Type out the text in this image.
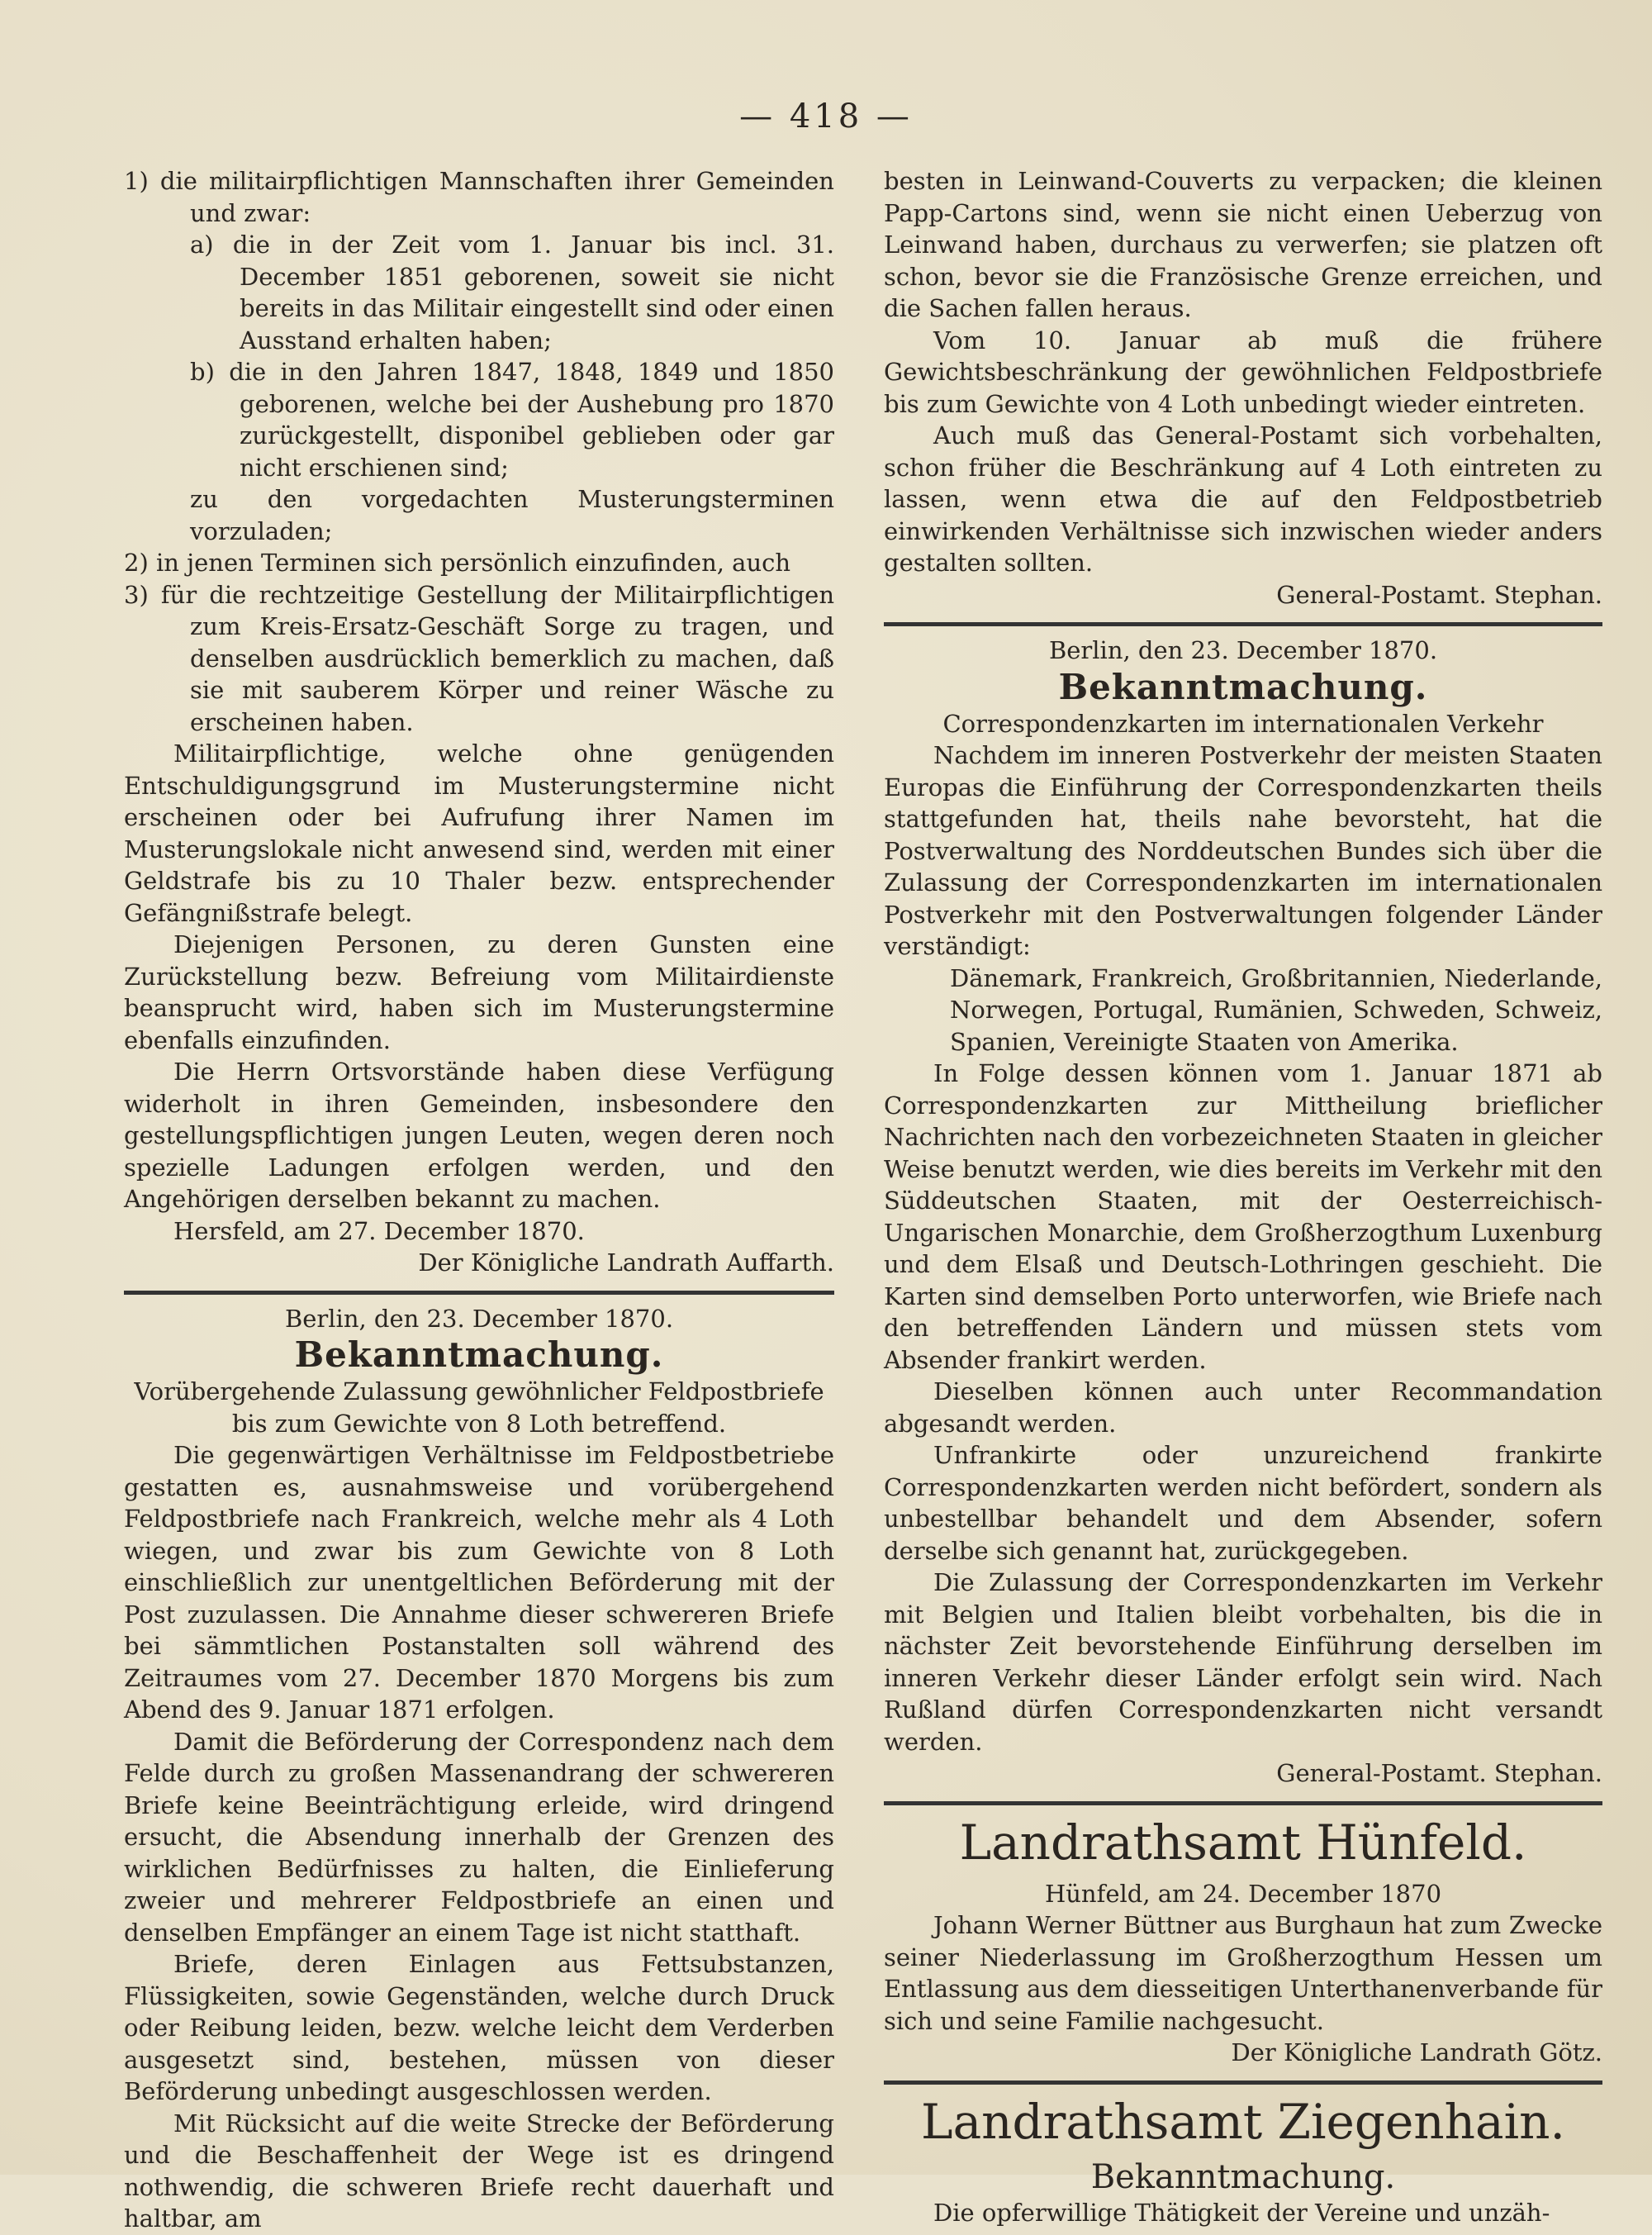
— 418 —

1) die militairpflichtigen Mannschaften ihrer Gemeinden und zwar:

a) die in der Zeit vom 1. Januar bis incl. 31. December 1851 geborenen, soweit sie nicht bereits in das Militair eingestellt sind oder einen Ausstand erhalten haben;

b) die in den Jahren 1847, 1848, 1849 und 1850 geborenen, welche bei der Aushebung pro 1870 zurückgestellt, disponibel geblieben oder gar nicht erschienen sind;

zu den vorgedachten Musterungsterminen vorzuladen;

2) in jenen Terminen sich persönlich einzufinden, auch

3) für die rechtzeitige Gestellung der Militairpflichtigen zum Kreis-Ersatz-Geschäft Sorge zu tragen, und denselben ausdrücklich bemerklich zu machen, daß sie mit sauberem Körper und reiner Wäsche zu erscheinen haben.

Militairpflichtige, welche ohne genügenden Entschuldigungsgrund im Musterungstermine nicht erscheinen oder bei Aufrufung ihrer Namen im Musterungslokale nicht anwesend sind, werden mit einer Geldstrafe bis zu 10 Thaler bezw. entsprechender Gefängnißstrafe belegt.

Diejenigen Personen, zu deren Gunsten eine Zurückstellung bezw. Befreiung vom Militairdienste beansprucht wird, haben sich im Musterungstermine ebenfalls einzufinden.

Die Herrn Ortsvorstände haben diese Verfügung widerholt in ihren Gemeinden, insbesondere den gestellungspflichtigen jungen Leuten, wegen deren noch spezielle Ladungen erfolgen werden, und den Angehörigen derselben bekannt zu machen.

Hersfeld, am 27. December 1870.

Der Königliche Landrath Auffarth.

Berlin, den 23. December 1870.

Bekanntmachung.

Vorübergehende Zulassung gewöhnlicher Feldpostbriefe bis zum Gewichte von 8 Loth betreffend.

Die gegenwärtigen Verhältnisse im Feldpostbetriebe gestatten es, ausnahmsweise und vorübergehend Feldpostbriefe nach Frankreich, welche mehr als 4 Loth wiegen, und zwar bis zum Gewichte von 8 Loth einschließlich zur unentgeltlichen Beförderung mit der Post zuzulassen. Die Annahme dieser schwereren Briefe bei sämmtlichen Postanstalten soll während des Zeitraumes vom 27. December 1870 Morgens bis zum Abend des 9. Januar 1871 erfolgen.

Damit die Beförderung der Correspondenz nach dem Felde durch zu großen Massenandrang der schwereren Briefe keine Beeinträchtigung erleide, wird dringend ersucht, die Absendung innerhalb der Grenzen des wirklichen Bedürfnisses zu halten, die Einlieferung zweier und mehrerer Feldpostbriefe an einen und denselben Empfänger an einem Tage ist nicht statthaft.

Briefe, deren Einlagen aus Fettsubstanzen, Flüssigkeiten, sowie Gegenständen, welche durch Druck oder Reibung leiden, bezw. welche leicht dem Verderben ausgesetzt sind, bestehen, müssen von dieser Beförderung unbedingt ausgeschlossen werden.

Mit Rücksicht auf die weite Strecke der Beförderung und die Beschaffenheit der Wege ist es dringend nothwendig, die schweren Briefe recht dauerhaft und haltbar, am

besten in Leinwand-Couverts zu verpacken; die kleinen Papp-Cartons sind, wenn sie nicht einen Ueberzug von Leinwand haben, durchaus zu verwerfen; sie platzen oft schon, bevor sie die Französische Grenze erreichen, und die Sachen fallen heraus.

Vom 10. Januar ab muß die frühere Gewichtsbeschränkung der gewöhnlichen Feldpostbriefe bis zum Gewichte von 4 Loth unbedingt wieder eintreten.

Auch muß das General-Postamt sich vorbehalten, schon früher die Beschränkung auf 4 Loth eintreten zu lassen, wenn etwa die auf den Feldpostbetrieb einwirkenden Verhältnisse sich inzwischen wieder anders gestalten sollten.

General-Postamt. Stephan.

Berlin, den 23. December 1870.

Bekanntmachung.

Correspondenzkarten im internationalen Verkehr

Nachdem im inneren Postverkehr der meisten Staaten Europas die Einführung der Correspondenzkarten theils stattgefunden hat, theils nahe bevorsteht, hat die Postverwaltung des Norddeutschen Bundes sich über die Zulassung der Correspondenzkarten im internationalen Postverkehr mit den Postverwaltungen folgender Länder verständigt:

Dänemark, Frankreich, Großbritannien, Niederlande, Norwegen, Portugal, Rumänien, Schweden, Schweiz, Spanien, Vereinigte Staaten von Amerika.

In Folge dessen können vom 1. Januar 1871 ab Correspondenzkarten zur Mittheilung brieflicher Nachrichten nach den vorbezeichneten Staaten in gleicher Weise benutzt werden, wie dies bereits im Verkehr mit den Süddeutschen Staaten, mit der Oesterreichisch-Ungarischen Monarchie, dem Großherzogthum Luxenburg und dem Elsaß und Deutsch-Lothringen geschieht. Die Karten sind demselben Porto unterworfen, wie Briefe nach den betreffenden Ländern und müssen stets vom Absender frankirt werden.

Dieselben können auch unter Recommandation abgesandt werden.

Unfrankirte oder unzureichend frankirte Correspondenzkarten werden nicht befördert, sondern als unbestellbar behandelt und dem Absender, sofern derselbe sich genannt hat, zurückgegeben.

Die Zulassung der Correspondenzkarten im Verkehr mit Belgien und Italien bleibt vorbehalten, bis die in nächster Zeit bevorstehende Einführung derselben im inneren Verkehr dieser Länder erfolgt sein wird. Nach Rußland dürfen Correspondenzkarten nicht versandt werden.

General-Postamt. Stephan.

Landrathsamt Hünfeld.

Hünfeld, am 24. December 1870

Johann Werner Büttner aus Burghaun hat zum Zwecke seiner Niederlassung im Großherzogthum Hessen um Entlassung aus dem diesseitigen Unterthanenverbande für sich und seine Familie nachgesucht.

Der Königliche Landrath Götz.

Landrathsamt Ziegenhain.

Bekanntmachung.

Die opferwillige Thätigkeit der Vereine und unzäh-
